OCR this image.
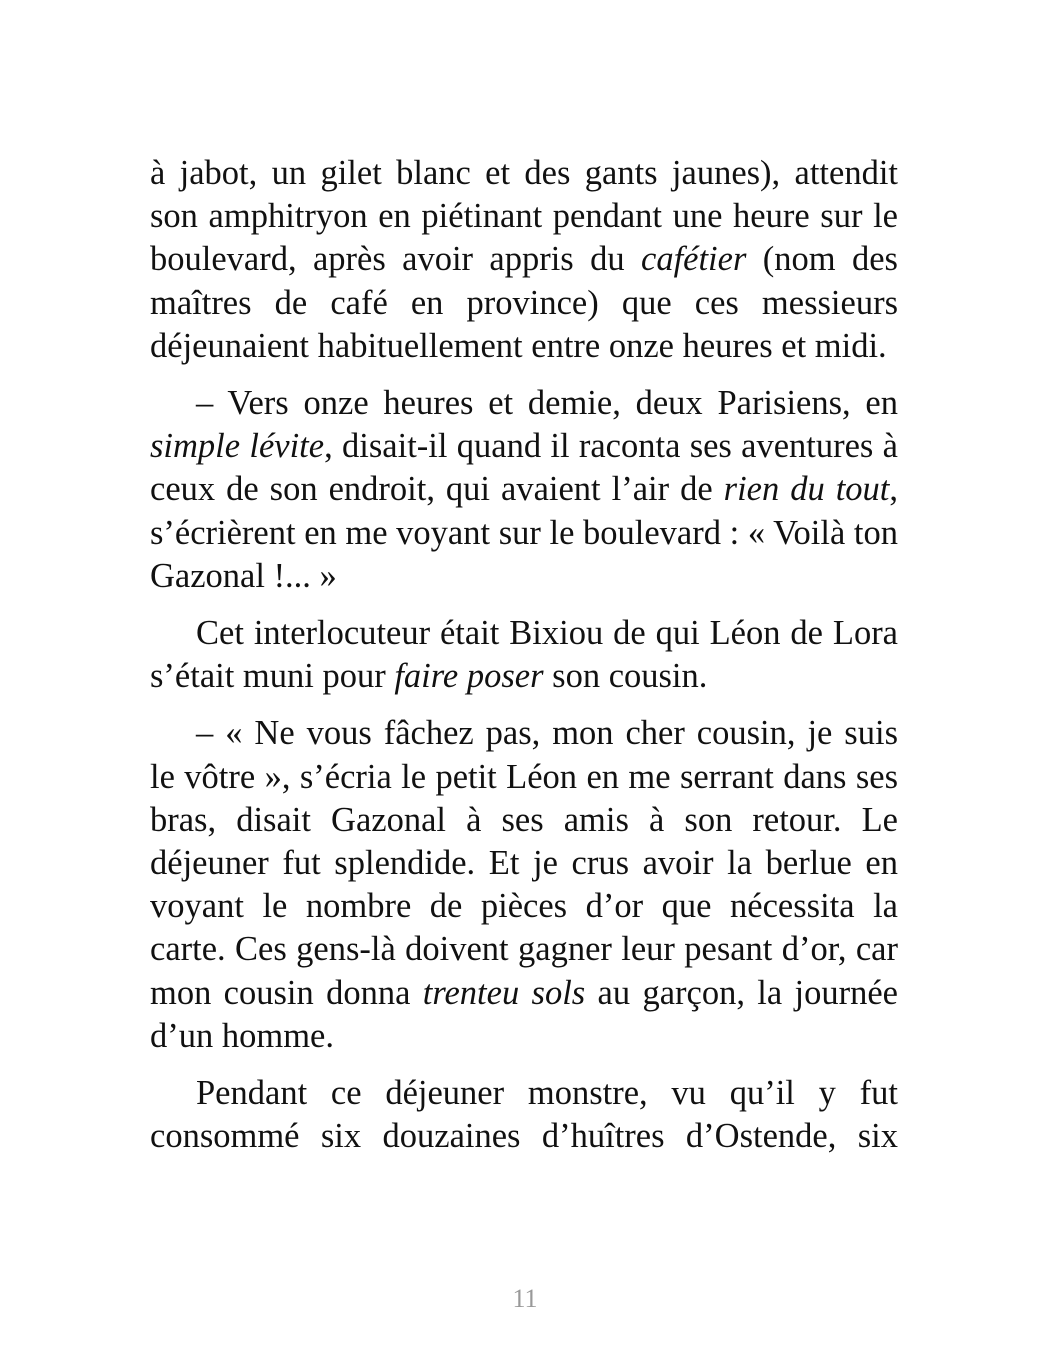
à jabot, un gilet blanc et des gants jaunes), attendit son amphitryon en piétinant pendant une heure sur le boulevard, après avoir appris du cafétier (nom des maîtres de café en province) que ces messieurs déjeunaient habituellement entre onze heures et midi.

– Vers onze heures et demie, deux Parisiens, en simple lévite, disait-il quand il raconta ses aventures à ceux de son endroit, qui avaient l’air de rien du tout, s’écrièrent en me voyant sur le boulevard : « Voilà ton Gazonal !... »

Cet interlocuteur était Bixiou de qui Léon de Lora s’était muni pour faire poser son cousin.

– « Ne vous fâchez pas, mon cher cousin, je suis le vôtre », s’écria le petit Léon en me serrant dans ses bras, disait Gazonal à ses amis à son retour. Le déjeuner fut splendide. Et je crus avoir la berlue en voyant le nombre de pièces d’or que nécessita la carte. Ces gens-là doivent gagner leur pesant d’or, car mon cousin donna trenteu sols au garçon, la journée d’un homme.

Pendant ce déjeuner monstre, vu qu’il y fut consommé six douzaines d’huîtres d’Ostende, six

11
